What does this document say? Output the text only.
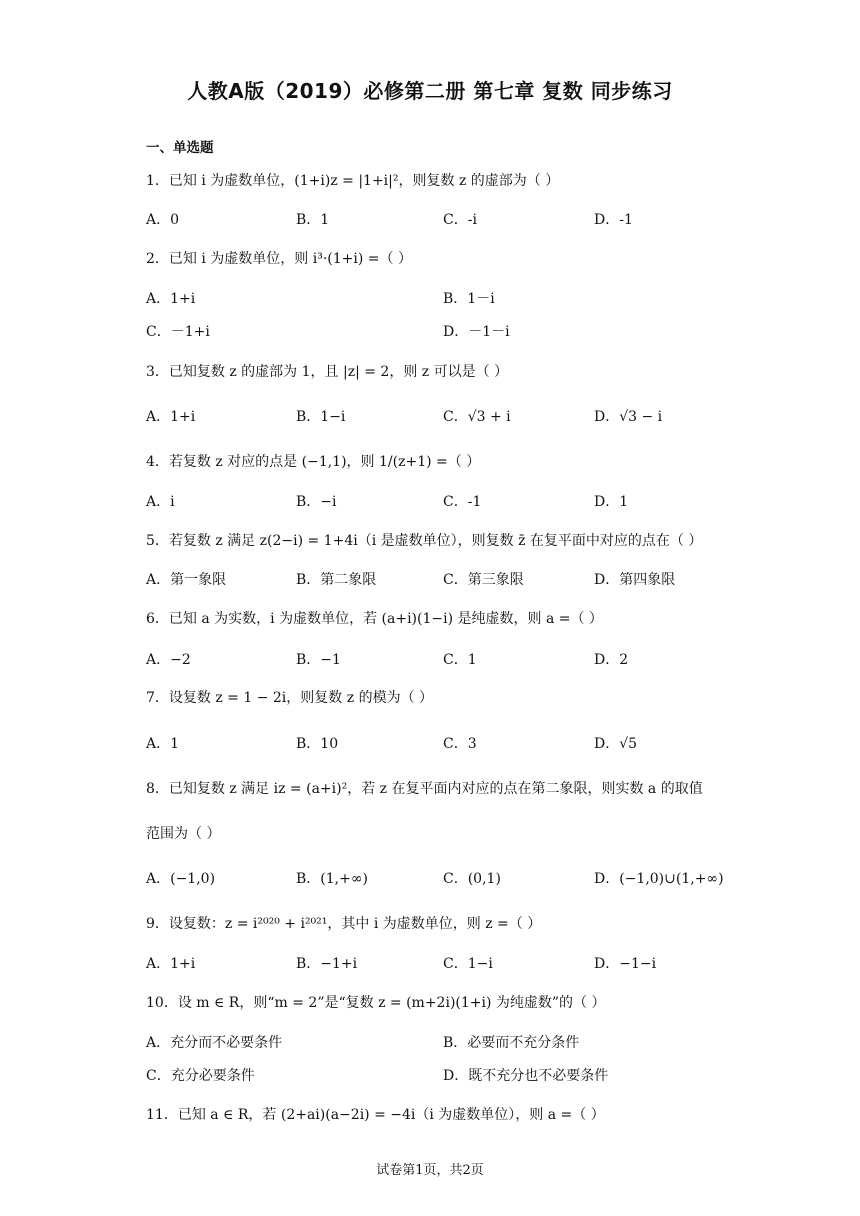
人教A版（2019）必修第二册 第七章 复数 同步练习
一、单选题
1．已知 i 为虚数单位，(1+i)z = |1+i|²，则复数 z 的虚部为（ ）
A．0	B．1	C．-i	D．-1
2．已知 i 为虚数单位，则 i³·(1+i) =（ ）
A．1+i	B．1－i
C．－1+i	D．－1－i
3．已知复数 z 的虚部为 1，且 |z| = 2，则 z 可以是（ ）
A．1+i	B．1−i	C．√3 + i	D．√3 − i
4．若复数 z 对应的点是 (−1,1)，则 1/(z+1) =（ ）
A．i	B．−i	C．-1	D．1
5．若复数 z 满足 z(2−i) = 1+4i（i 是虚数单位），则复数 z̄ 在复平面中对应的点在（ ）
A．第一象限	B．第二象限	C．第三象限	D．第四象限
6．已知 a 为实数，i 为虚数单位，若 (a+i)(1−i) 是纯虚数，则 a =（ ）
A．−2	B．−1	C．1	D．2
7．设复数 z = 1 − 2i，则复数 z 的模为（ ）
A．1	B．10	C．3	D．√5
8．已知复数 z 满足 iz = (a+i)²，若 z 在复平面内对应的点在第二象限，则实数 a 的取值
范围为（ ）
A．(−1,0)	B．(1,+∞)	C．(0,1)	D．(−1,0)∪(1,+∞)
9．设复数：z = i²⁰²⁰ + i²⁰²¹，其中 i 为虚数单位，则 z =（ ）
A．1+i	B．−1+i	C．1−i	D．−1−i
10．设 m ∈ R，则“m = 2”是“复数 z = (m+2i)(1+i) 为纯虚数”的（ ）
A．充分而不必要条件	B．必要而不充分条件
C．充分必要条件	D．既不充分也不必要条件
11．已知 a ∈ R，若 (2+ai)(a−2i) = −4i（i 为虚数单位），则 a =（ ）
试卷第1页，共2页
